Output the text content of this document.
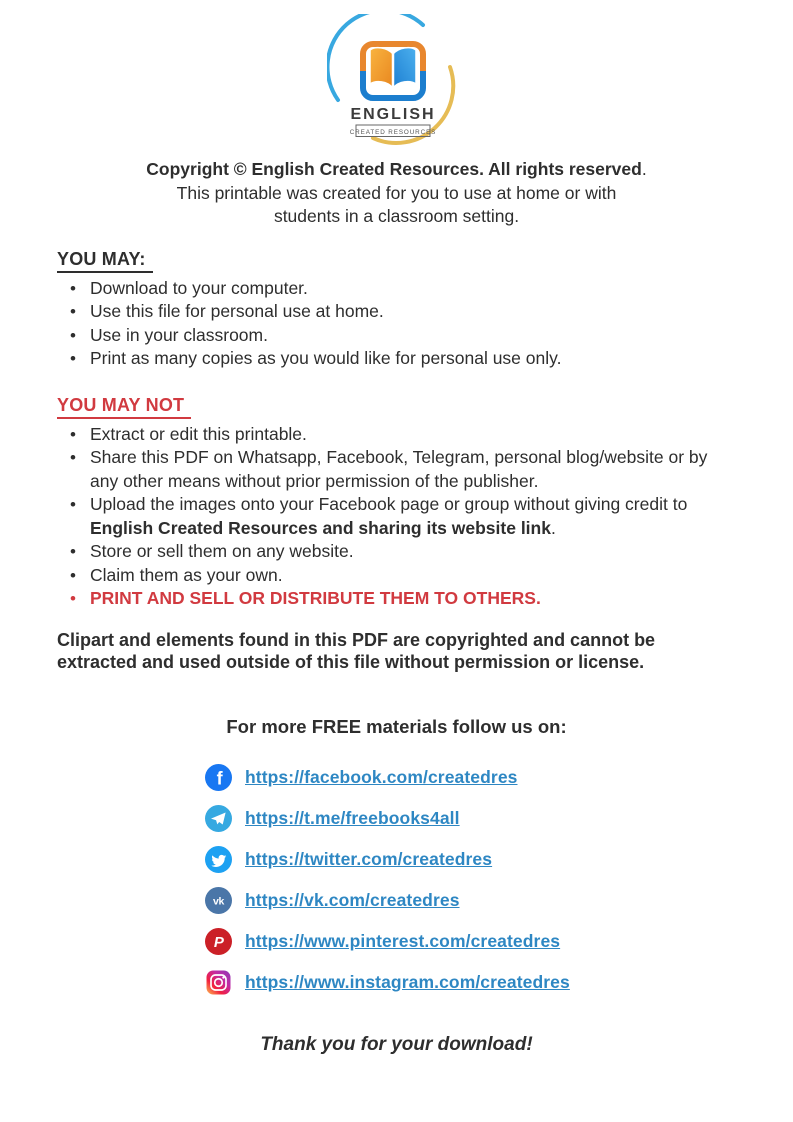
ENGLISH
CREATED RESOURCES
Copyright © English Created Resources. All rights reserved.
This printable was created for you to use at home or with
students in a classroom setting.
YOU MAY:
•
Download to your computer.
•
Use this file for personal use at home.
•
Use in your classroom.
•
Print as many copies as you would like for personal use only.
YOU MAY NOT
•
Extract or edit this printable.
•
Share this PDF on Whatsapp, Facebook, Telegram, personal blog/website or by any other means without prior permission of the publisher.
•
Upload the images onto your Facebook page or group without giving credit to English Created Resources and sharing its website link.
•
Store or sell them on any website.
•
Claim them as your own.
•
PRINT AND SELL OR DISTRIBUTE THEM TO OTHERS.
Clipart and elements found in this PDF are copyrighted and cannot be
extracted and used outside of this file without permission or license.
For more FREE materials follow us on:
f https://facebook.com/createdres
https://t.me/freebooks4all
https://twitter.com/createdres
vk https://vk.com/createdres
P https://www.pinterest.com/createdres
https://www.instagram.com/createdres
Thank you for your download!
